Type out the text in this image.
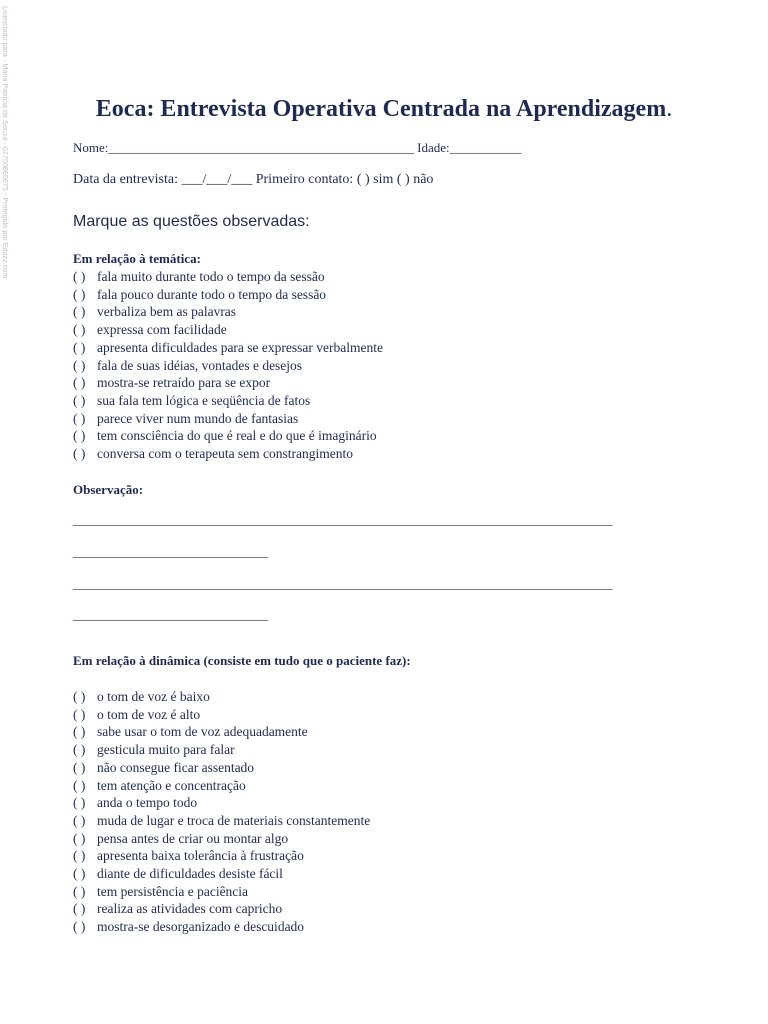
Licenciado para - Maria Patrícia de Souza - 02750865675 - Protegido por Eduzz.com	Eoca: Entrevista Operativa Centrada na Aprendizagem.
Nome:_______________________________________________ Idade:___________
Data da entrevista: ___/___/___ Primeiro contato: ( ) sim ( ) não
Marque as questões observadas:
Em relação à temática:
( ) fala muito durante todo o tempo da sessão
( ) fala pouco durante todo o tempo da sessão
( ) verbaliza bem as palavras
( ) expressa com facilidade
( ) apresenta dificuldades para se expressar verbalmente
( ) fala de suas idéias, vontades e desejos
( ) mostra-se retraído para se expor
( ) sua fala tem lógica e seqüência de fatos
( ) parece viver num mundo de fantasias
( ) tem consciência do que é real e do que é imaginário
( ) conversa com o terapeuta sem constrangimento
Observação:
___________________________________________________________________________________
______________________________
___________________________________________________________________________________
______________________________
Em relação à dinâmica (consiste em tudo que o paciente faz):
( ) o tom de voz é baixo
( ) o tom de voz é alto
( ) sabe usar o tom de voz adequadamente
( ) gesticula muito para falar
( ) não consegue ficar assentado
( ) tem atenção e concentração
( ) anda o tempo todo
( ) muda de lugar e troca de materiais constantemente
( ) pensa antes de criar ou montar algo
( ) apresenta baixa tolerância à frustração
( ) diante de dificuldades desiste fácil
( ) tem persistência e paciência
( ) realiza as atividades com capricho
( ) mostra-se desorganizado e descuidado
